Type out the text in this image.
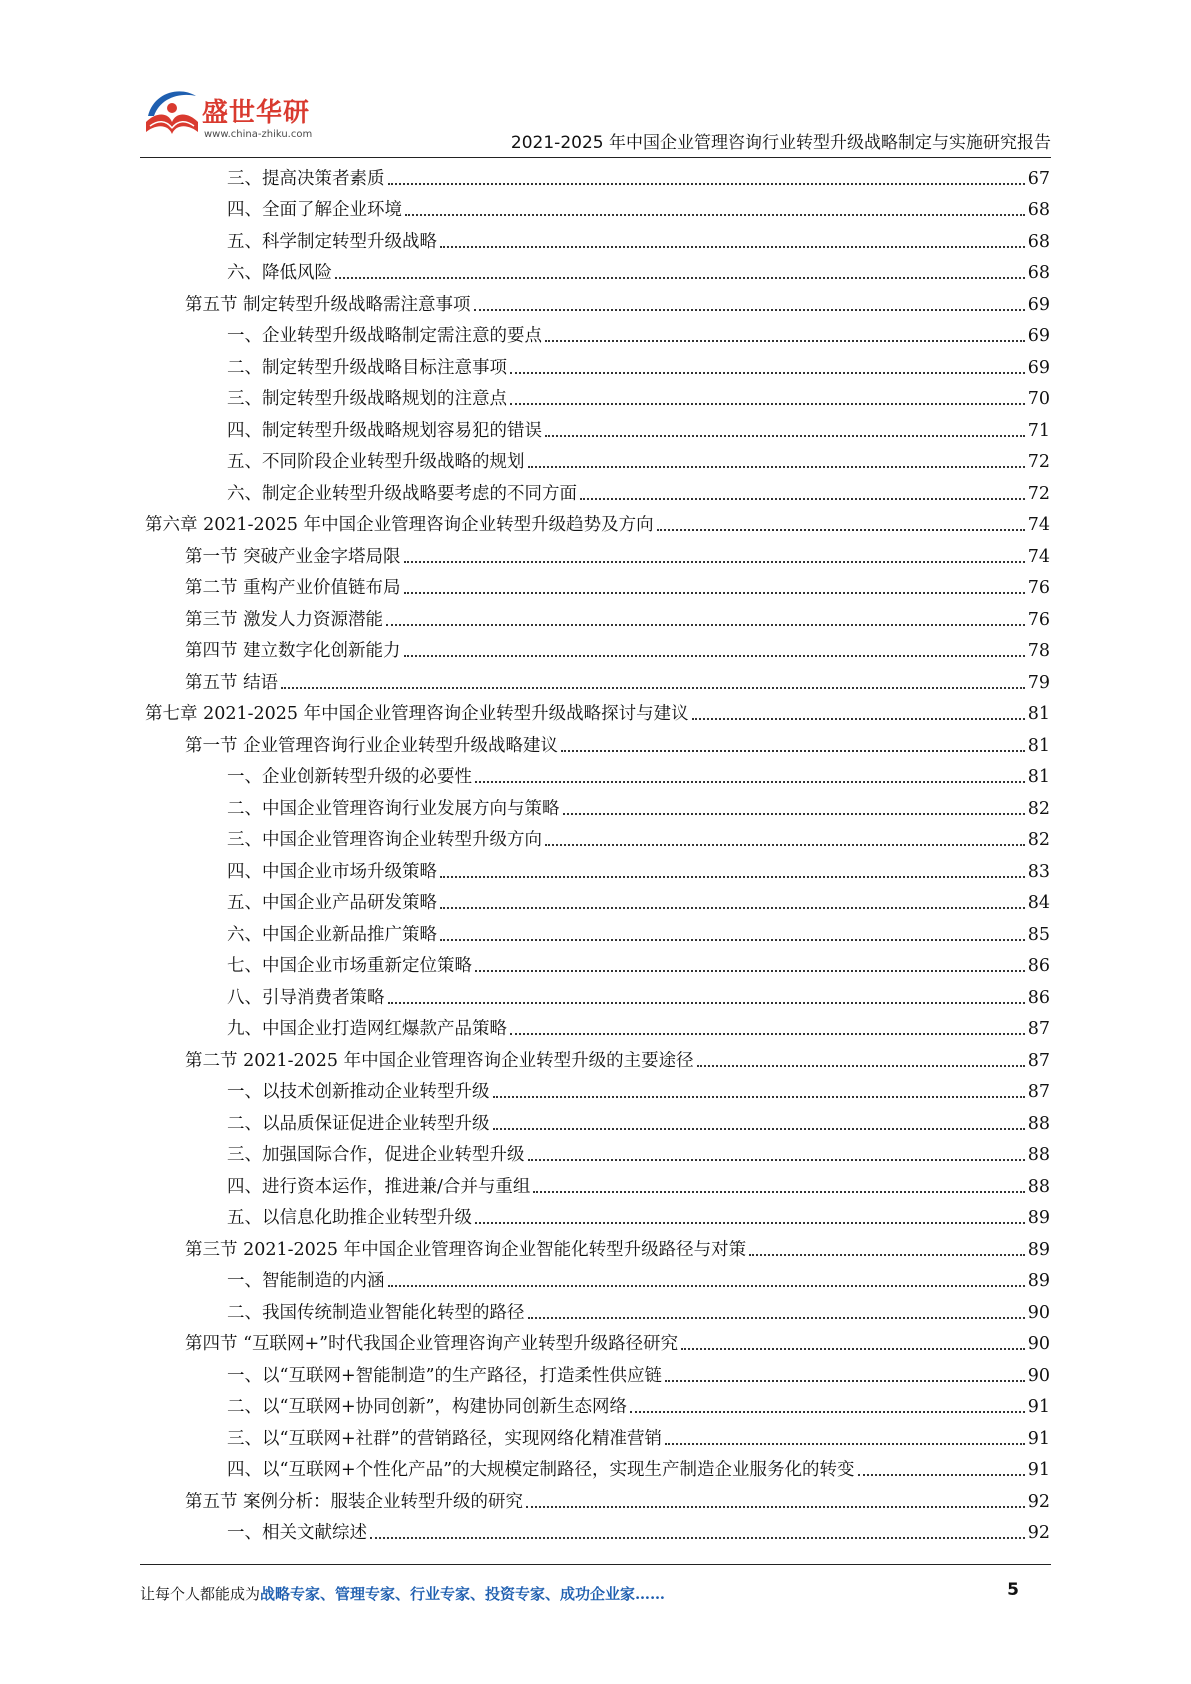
盛世华研
www.china-zhiku.com	2021-2025 年中国企业管理咨询行业转型升级战略制定与实施研究报告
三、提高决策者素质	67
四、全面了解企业环境	68
五、科学制定转型升级战略	68
六、降低风险	68
第五节 制定转型升级战略需注意事项	69
一、企业转型升级战略制定需注意的要点	69
二、制定转型升级战略目标注意事项	69
三、制定转型升级战略规划的注意点	70
四、制定转型升级战略规划容易犯的错误	71
五、不同阶段企业转型升级战略的规划	72
六、制定企业转型升级战略要考虑的不同方面	72
第六章 2021-2025 年中国企业管理咨询企业转型升级趋势及方向	74
第一节 突破产业金字塔局限	74
第二节 重构产业价值链布局	76
第三节 激发人力资源潜能	76
第四节 建立数字化创新能力	78
第五节 结语	79
第七章 2021-2025 年中国企业管理咨询企业转型升级战略探讨与建议	81
第一节 企业管理咨询行业企业转型升级战略建议	81
一、企业创新转型升级的必要性	81
二、中国企业管理咨询行业发展方向与策略	82
三、中国企业管理咨询企业转型升级方向	82
四、中国企业市场升级策略	83
五、中国企业产品研发策略	84
六、中国企业新品推广策略	85
七、中国企业市场重新定位策略	86
八、引导消费者策略	86
九、中国企业打造网红爆款产品策略	87
第二节 2021-2025 年中国企业管理咨询企业转型升级的主要途径	87
一、以技术创新推动企业转型升级	87
二、以品质保证促进企业转型升级	88
三、加强国际合作，促进企业转型升级	88
四、进行资本运作，推进兼/合并与重组	88
五、以信息化助推企业转型升级	89
第三节 2021-2025 年中国企业管理咨询企业智能化转型升级路径与对策	89
一、智能制造的内涵	89
二、我国传统制造业智能化转型的路径	90
第四节 “互联网+”时代我国企业管理咨询产业转型升级路径研究	90
一、以“互联网+智能制造”的生产路径，打造柔性供应链	90
二、以“互联网+协同创新”，构建协同创新生态网络	91
三、以“互联网+社群”的营销路径，实现网络化精准营销	91
四、以“互联网+个性化产品”的大规模定制路径，实现生产制造企业服务化的转变	91
第五节 案例分析：服装企业转型升级的研究	92
一、相关文献综述	92
让每个人都能成为战略专家、管理专家、行业专家、投资专家、成功企业家……	5
